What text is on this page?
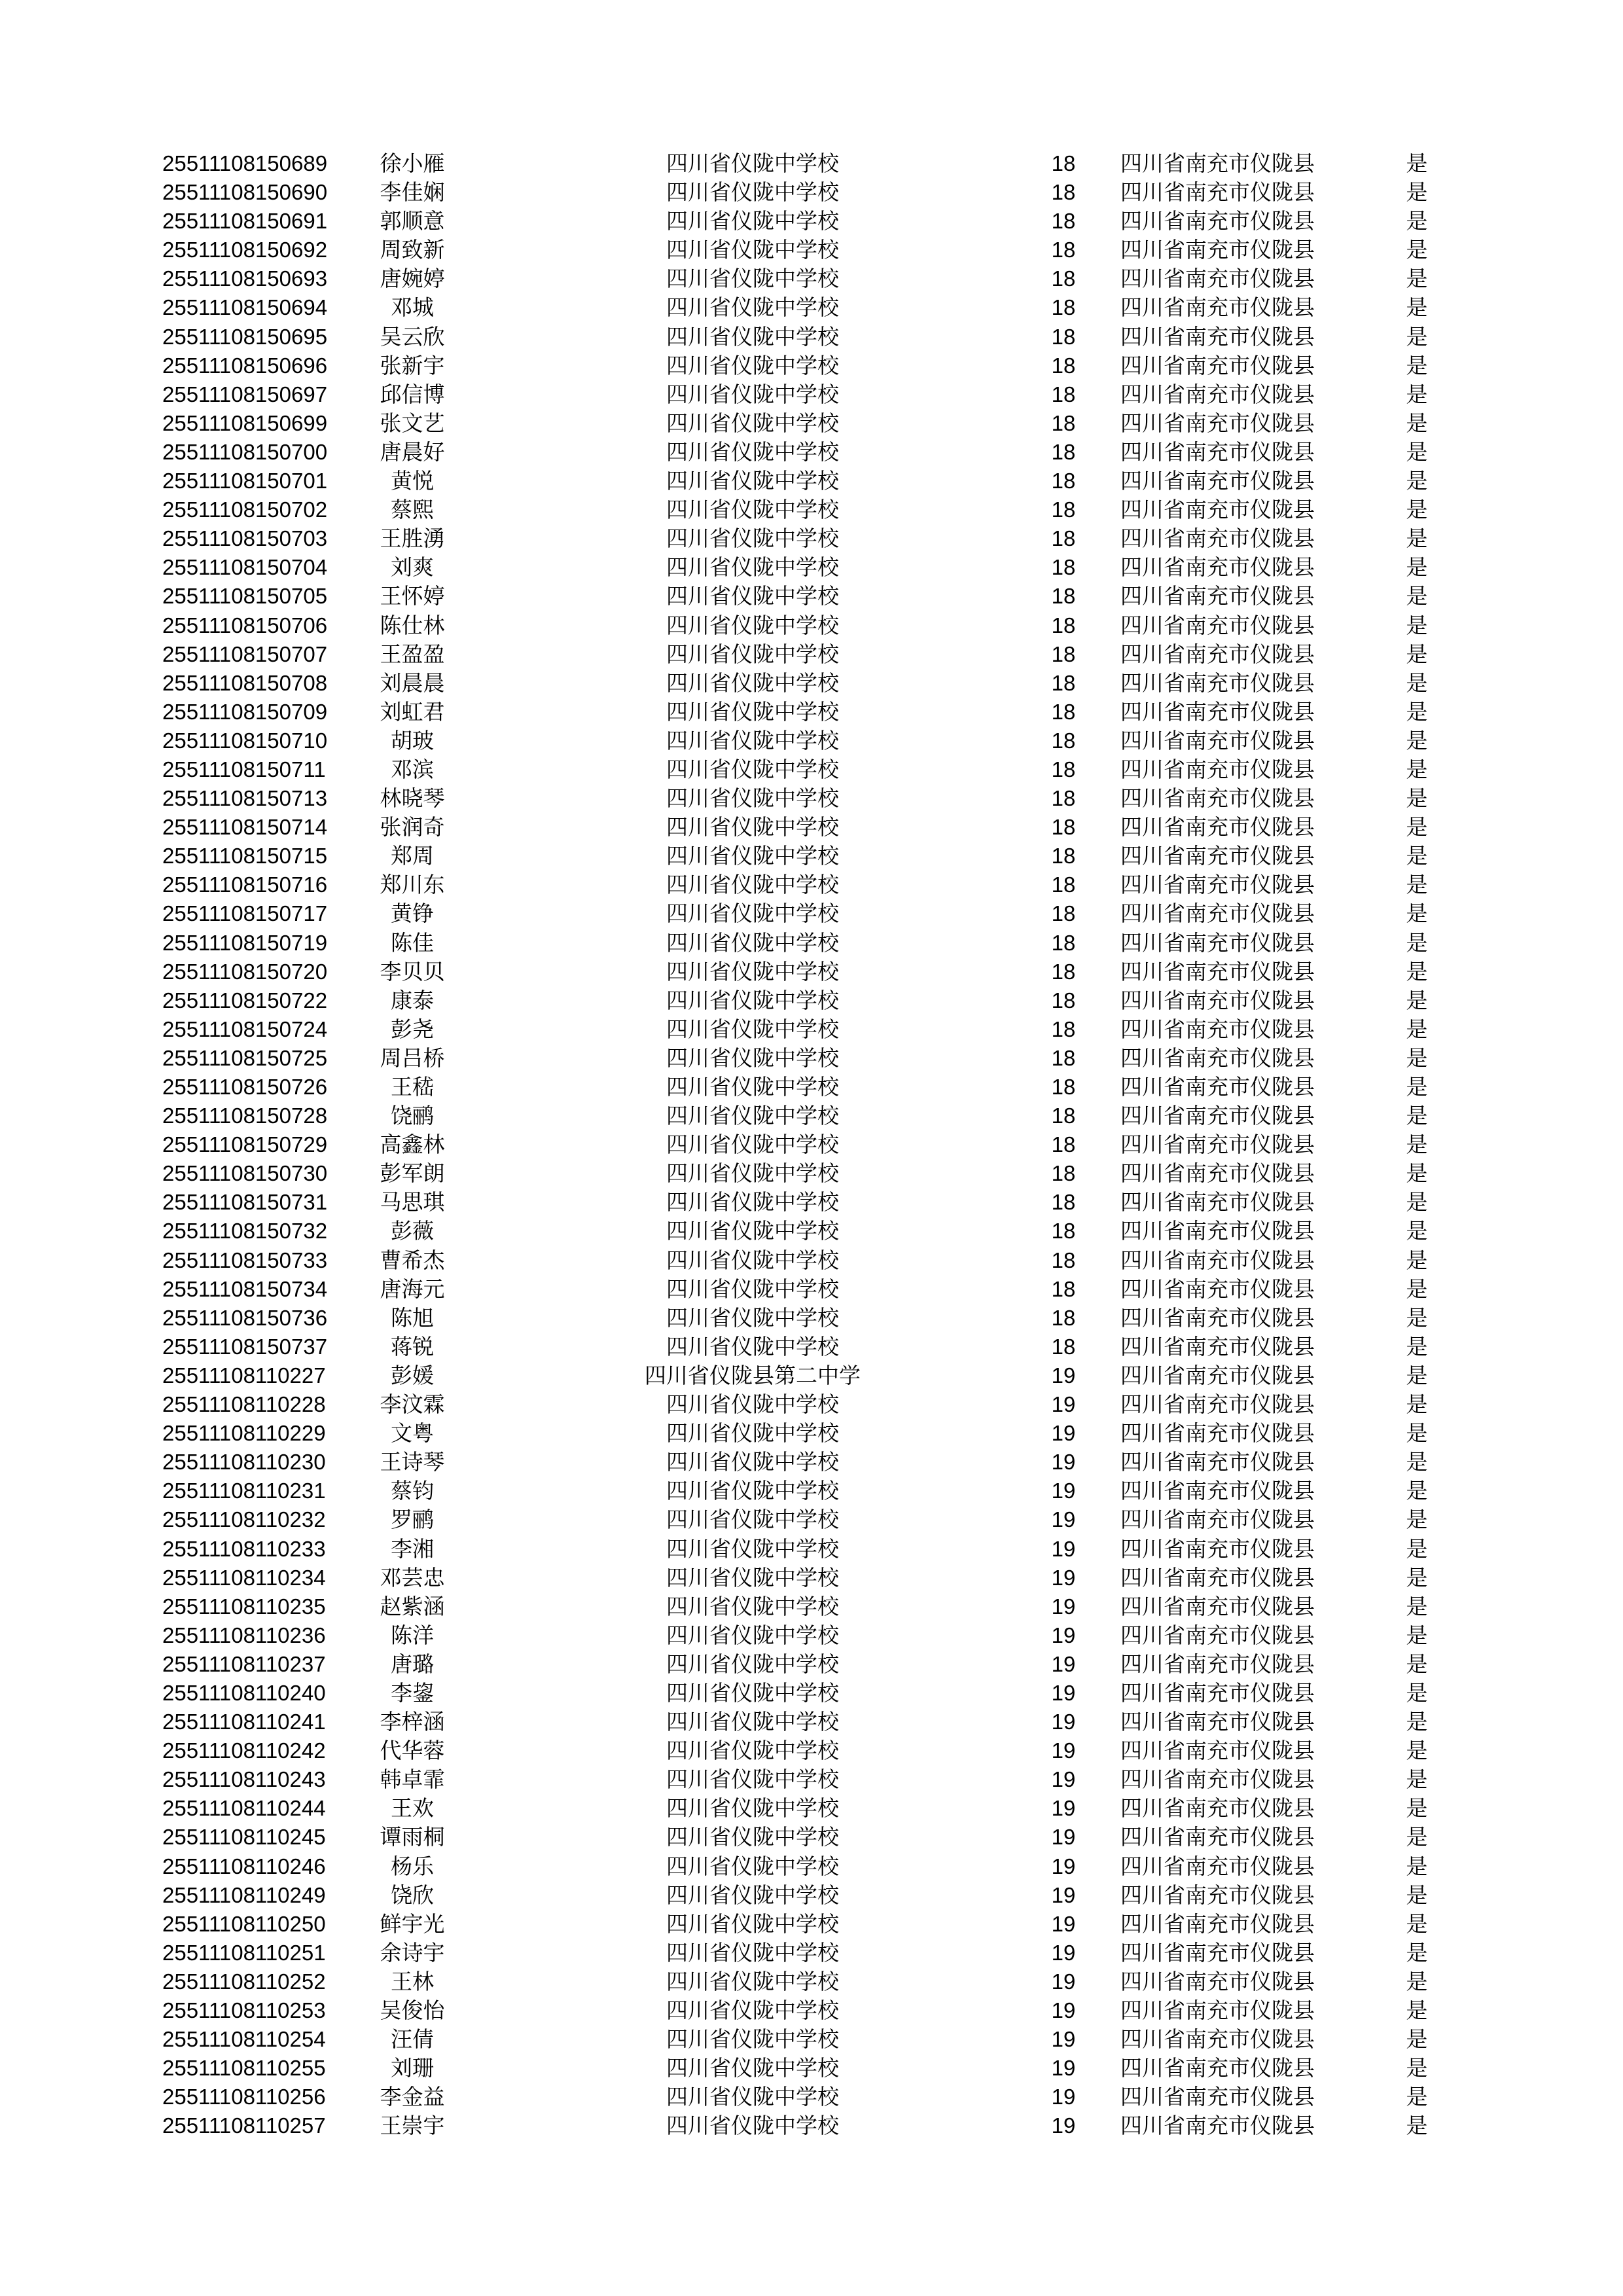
25511108150689	徐小雁	四川省仪陇中学校	18	四川省南充市仪陇县	是
25511108150690	李佳娴	四川省仪陇中学校	18	四川省南充市仪陇县	是
25511108150691	郭顺意	四川省仪陇中学校	18	四川省南充市仪陇县	是
25511108150692	周致新	四川省仪陇中学校	18	四川省南充市仪陇县	是
25511108150693	唐婉婷	四川省仪陇中学校	18	四川省南充市仪陇县	是
25511108150694	邓城	四川省仪陇中学校	18	四川省南充市仪陇县	是
25511108150695	吴云欣	四川省仪陇中学校	18	四川省南充市仪陇县	是
25511108150696	张新宇	四川省仪陇中学校	18	四川省南充市仪陇县	是
25511108150697	邱信博	四川省仪陇中学校	18	四川省南充市仪陇县	是
25511108150699	张文艺	四川省仪陇中学校	18	四川省南充市仪陇县	是
25511108150700	唐晨好	四川省仪陇中学校	18	四川省南充市仪陇县	是
25511108150701	黄悦	四川省仪陇中学校	18	四川省南充市仪陇县	是
25511108150702	蔡熙	四川省仪陇中学校	18	四川省南充市仪陇县	是
25511108150703	王胜湧	四川省仪陇中学校	18	四川省南充市仪陇县	是
25511108150704	刘爽	四川省仪陇中学校	18	四川省南充市仪陇县	是
25511108150705	王怀婷	四川省仪陇中学校	18	四川省南充市仪陇县	是
25511108150706	陈仕林	四川省仪陇中学校	18	四川省南充市仪陇县	是
25511108150707	王盈盈	四川省仪陇中学校	18	四川省南充市仪陇县	是
25511108150708	刘晨晨	四川省仪陇中学校	18	四川省南充市仪陇县	是
25511108150709	刘虹君	四川省仪陇中学校	18	四川省南充市仪陇县	是
25511108150710	胡玻	四川省仪陇中学校	18	四川省南充市仪陇县	是
25511108150711	邓滨	四川省仪陇中学校	18	四川省南充市仪陇县	是
25511108150713	林晓琴	四川省仪陇中学校	18	四川省南充市仪陇县	是
25511108150714	张润奇	四川省仪陇中学校	18	四川省南充市仪陇县	是
25511108150715	郑周	四川省仪陇中学校	18	四川省南充市仪陇县	是
25511108150716	郑川东	四川省仪陇中学校	18	四川省南充市仪陇县	是
25511108150717	黄铮	四川省仪陇中学校	18	四川省南充市仪陇县	是
25511108150719	陈佳	四川省仪陇中学校	18	四川省南充市仪陇县	是
25511108150720	李贝贝	四川省仪陇中学校	18	四川省南充市仪陇县	是
25511108150722	康泰	四川省仪陇中学校	18	四川省南充市仪陇县	是
25511108150724	彭尧	四川省仪陇中学校	18	四川省南充市仪陇县	是
25511108150725	周吕桥	四川省仪陇中学校	18	四川省南充市仪陇县	是
25511108150726	王嵇	四川省仪陇中学校	18	四川省南充市仪陇县	是
25511108150728	饶鹂	四川省仪陇中学校	18	四川省南充市仪陇县	是
25511108150729	高鑫林	四川省仪陇中学校	18	四川省南充市仪陇县	是
25511108150730	彭军朗	四川省仪陇中学校	18	四川省南充市仪陇县	是
25511108150731	马思琪	四川省仪陇中学校	18	四川省南充市仪陇县	是
25511108150732	彭薇	四川省仪陇中学校	18	四川省南充市仪陇县	是
25511108150733	曹希杰	四川省仪陇中学校	18	四川省南充市仪陇县	是
25511108150734	唐海元	四川省仪陇中学校	18	四川省南充市仪陇县	是
25511108150736	陈旭	四川省仪陇中学校	18	四川省南充市仪陇县	是
25511108150737	蒋锐	四川省仪陇中学校	18	四川省南充市仪陇县	是
25511108110227	彭媛	四川省仪陇县第二中学	19	四川省南充市仪陇县	是
25511108110228	李汶霖	四川省仪陇中学校	19	四川省南充市仪陇县	是
25511108110229	文粤	四川省仪陇中学校	19	四川省南充市仪陇县	是
25511108110230	王诗琴	四川省仪陇中学校	19	四川省南充市仪陇县	是
25511108110231	蔡钧	四川省仪陇中学校	19	四川省南充市仪陇县	是
25511108110232	罗鹂	四川省仪陇中学校	19	四川省南充市仪陇县	是
25511108110233	李湘	四川省仪陇中学校	19	四川省南充市仪陇县	是
25511108110234	邓芸忠	四川省仪陇中学校	19	四川省南充市仪陇县	是
25511108110235	赵紫涵	四川省仪陇中学校	19	四川省南充市仪陇县	是
25511108110236	陈洋	四川省仪陇中学校	19	四川省南充市仪陇县	是
25511108110237	唐璐	四川省仪陇中学校	19	四川省南充市仪陇县	是
25511108110240	李鋆	四川省仪陇中学校	19	四川省南充市仪陇县	是
25511108110241	李梓涵	四川省仪陇中学校	19	四川省南充市仪陇县	是
25511108110242	代华蓉	四川省仪陇中学校	19	四川省南充市仪陇县	是
25511108110243	韩卓霏	四川省仪陇中学校	19	四川省南充市仪陇县	是
25511108110244	王欢	四川省仪陇中学校	19	四川省南充市仪陇县	是
25511108110245	谭雨桐	四川省仪陇中学校	19	四川省南充市仪陇县	是
25511108110246	杨乐	四川省仪陇中学校	19	四川省南充市仪陇县	是
25511108110249	饶欣	四川省仪陇中学校	19	四川省南充市仪陇县	是
25511108110250	鲜宇光	四川省仪陇中学校	19	四川省南充市仪陇县	是
25511108110251	余诗宇	四川省仪陇中学校	19	四川省南充市仪陇县	是
25511108110252	王林	四川省仪陇中学校	19	四川省南充市仪陇县	是
25511108110253	吴俊怡	四川省仪陇中学校	19	四川省南充市仪陇县	是
25511108110254	汪倩	四川省仪陇中学校	19	四川省南充市仪陇县	是
25511108110255	刘珊	四川省仪陇中学校	19	四川省南充市仪陇县	是
25511108110256	李金益	四川省仪陇中学校	19	四川省南充市仪陇县	是
25511108110257	王崇宇	四川省仪陇中学校	19	四川省南充市仪陇县	是
